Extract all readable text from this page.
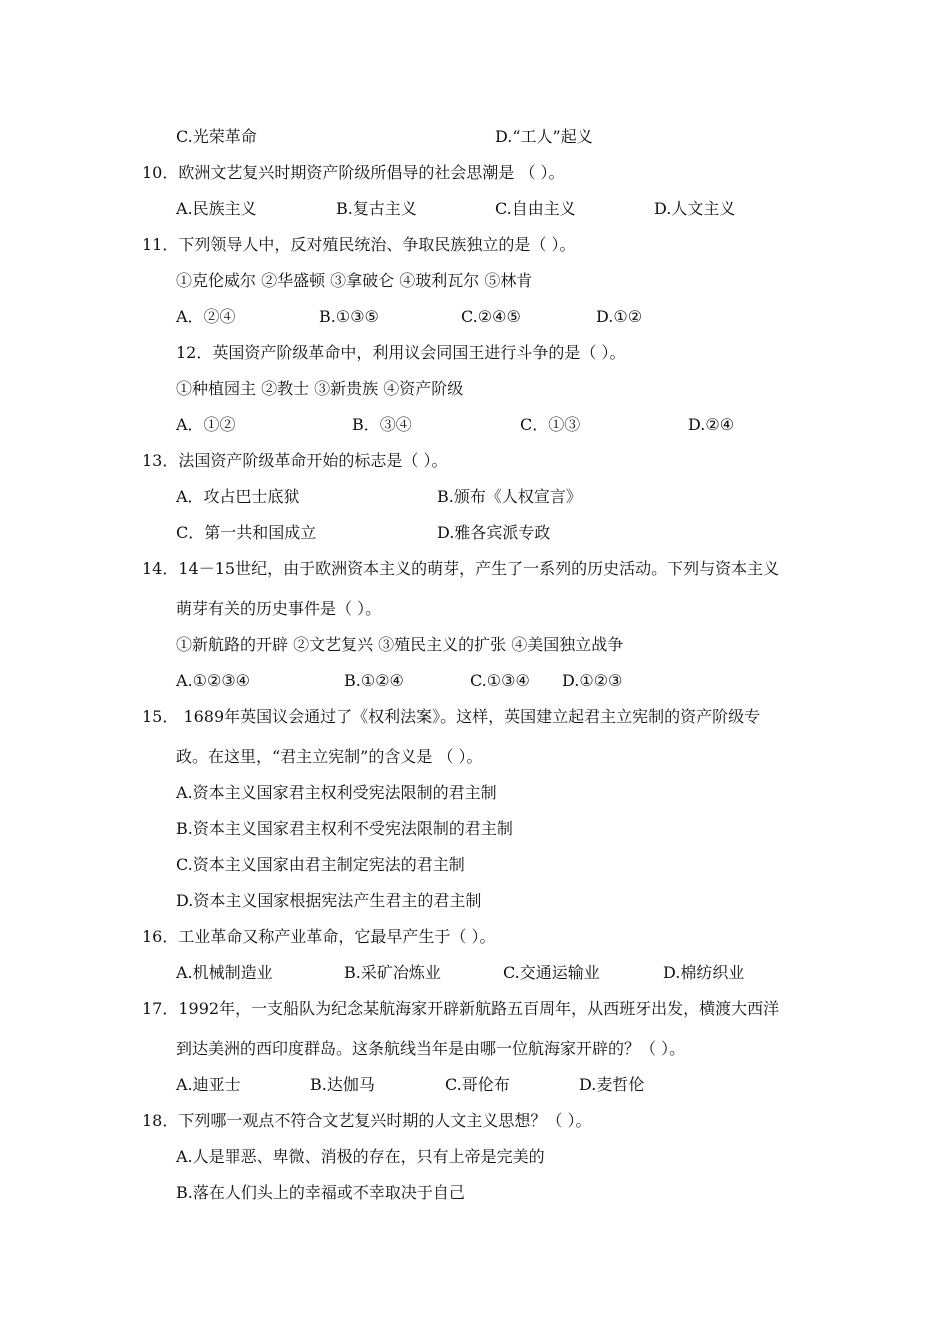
C.光荣革命	D.“工人”起义
10．欧洲文艺复兴时期资产阶级所倡导的社会思潮是 （ ）。
A.民族主义	B.复古主义	C.自由主义	D.人文主义
11．下列领导人中，反对殖民统治、争取民族独立的是（ ）。
①克伦威尔 ②华盛顿 ③拿破仑 ④玻利瓦尔 ⑤林肯
A．②④	B.①③⑤	C.②④⑤	D.①②
12．英国资产阶级革命中，利用议会同国王进行斗争的是（ ）。
①种植园主 ②教士 ③新贵族 ④资产阶级
A．①②	B．③④	C．①③	D.②④
13．法国资产阶级革命开始的标志是（ ）。
A．攻占巴士底狱	B.颁布《人权宣言》
C．第一共和国成立	D.雅各宾派专政
14．14－15世纪，由于欧洲资本主义的萌芽，产生了一系列的历史活动。下列与资本主义
萌芽有关的历史事件是（ ）。
①新航路的开辟 ②文艺复兴 ③殖民主义的扩张 ④美国独立战争
A.①②③④	B.①②④	C.①③④ D.①②③
15． 1689年英国议会通过了《权利法案》。这样，英国建立起君主立宪制的资产阶级专
政。在这里，“君主立宪制”的含义是 （ ）。
A.资本主义国家君主权利受宪法限制的君主制
B.资本主义国家君主权利不受宪法限制的君主制
C.资本主义国家由君主制定宪法的君主制
D.资本主义国家根据宪法产生君主的君主制
16．工业革命又称产业革命，它最早产生于（ ）。
A.机械制造业	B.采矿冶炼业	C.交通运输业	D.棉纺织业
17．1992年，一支船队为纪念某航海家开辟新航路五百周年，从西班牙出发，横渡大西洋
到达美洲的西印度群岛。这条航线当年是由哪一位航海家开辟的？（ ）。
A.迪亚士	B.达伽马	C.哥伦布	D.麦哲伦
18．下列哪一观点不符合文艺复兴时期的人文主义思想？（ ）。
A.人是罪恶、卑微、消极的存在，只有上帝是完美的
B.落在人们头上的幸福或不幸取决于自己
